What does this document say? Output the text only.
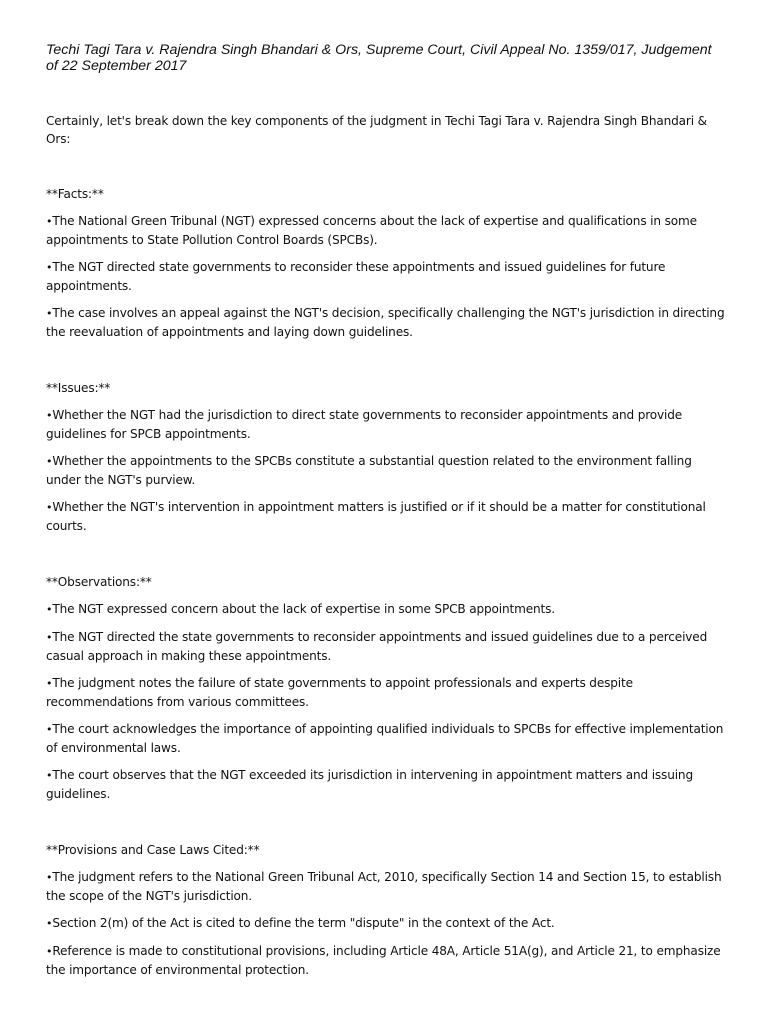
Techi Tagi Tara v. Rajendra Singh Bhandari & Ors, Supreme Court, Civil Appeal No. 1359/017, Judgement of 22 September 2017

Certainly, let's break down the key components of the judgment in Techi Tagi Tara v. Rajendra Singh Bhandari & Ors:

**Facts:**

•The National Green Tribunal (NGT) expressed concerns about the lack of expertise and qualifications in some appointments to State Pollution Control Boards (SPCBs).

•The NGT directed state governments to reconsider these appointments and issued guidelines for future appointments.

•The case involves an appeal against the NGT's decision, specifically challenging the NGT's jurisdiction in directing the reevaluation of appointments and laying down guidelines.

**Issues:**

•Whether the NGT had the jurisdiction to direct state governments to reconsider appointments and provide guidelines for SPCB appointments.

•Whether the appointments to the SPCBs constitute a substantial question related to the environment falling under the NGT's purview.

•Whether the NGT's intervention in appointment matters is justified or if it should be a matter for constitutional courts.

**Observations:**

•The NGT expressed concern about the lack of expertise in some SPCB appointments.

•The NGT directed the state governments to reconsider appointments and issued guidelines due to a perceived casual approach in making these appointments.

•The judgment notes the failure of state governments to appoint professionals and experts despite recommendations from various committees.

•The court acknowledges the importance of appointing qualified individuals to SPCBs for effective implementation of environmental laws.

•The court observes that the NGT exceeded its jurisdiction in intervening in appointment matters and issuing guidelines.

**Provisions and Case Laws Cited:**

•The judgment refers to the National Green Tribunal Act, 2010, specifically Section 14 and Section 15, to establish the scope of the NGT's jurisdiction.

•Section 2(m) of the Act is cited to define the term "dispute" in the context of the Act.

•Reference is made to constitutional provisions, including Article 48A, Article 51A(g), and Article 21, to emphasize the importance of environmental protection.
